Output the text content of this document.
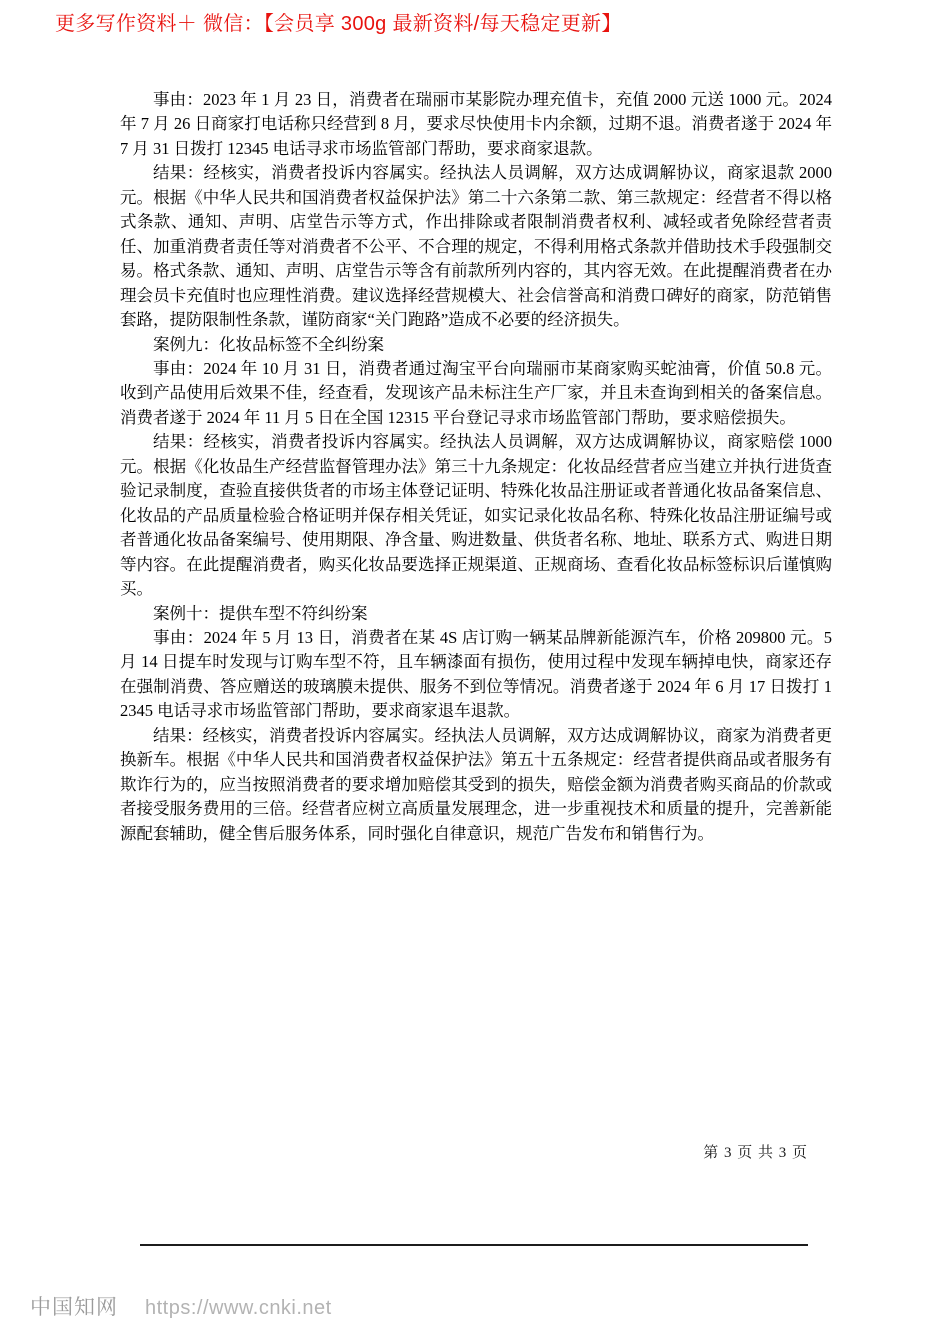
更多写作资料＋ 微信：【会员享 300g 最新资料/每天稳定更新】

事由：2023 年 1 月 23 日，消费者在瑞丽市某影院办理充值卡，充值 2000 元送 1000 元。2024 年 7 月 26 日商家打电话称只经营到 8 月，要求尽快使用卡内余额，过期不退。消费者遂于 2024 年 7 月 31 日拨打 12345 电话寻求市场监管部门帮助，要求商家退款。

结果：经核实，消费者投诉内容属实。经执法人员调解，双方达成调解协议，商家退款 2000 元。根据《中华人民共和国消费者权益保护法》第二十六条第二款、第三款规定：经营者不得以格式条款、通知、声明、店堂告示等方式，作出排除或者限制消费者权利、减轻或者免除经营者责任、加重消费者责任等对消费者不公平、不合理的规定，不得利用格式条款并借助技术手段强制交易。格式条款、通知、声明、店堂告示等含有前款所列内容的，其内容无效。在此提醒消费者在办理会员卡充值时也应理性消费。建议选择经营规模大、社会信誉高和消费口碑好的商家，防范销售套路，提防限制性条款，谨防商家“关门跑路”造成不必要的经济损失。

案例九：化妆品标签不全纠纷案

事由：2024 年 10 月 31 日，消费者通过淘宝平台向瑞丽市某商家购买蛇油膏，价值 50.8 元。收到产品使用后效果不佳，经查看，发现该产品未标注生产厂家，并且未查询到相关的备案信息。消费者遂于 2024 年 11 月 5 日在全国 12315 平台登记寻求市场监管部门帮助，要求赔偿损失。

结果：经核实，消费者投诉内容属实。经执法人员调解，双方达成调解协议，商家赔偿 1000 元。根据《化妆品生产经营监督管理办法》第三十九条规定：化妆品经营者应当建立并执行进货查验记录制度，查验直接供货者的市场主体登记证明、特殊化妆品注册证或者普通化妆品备案信息、化妆品的产品质量检验合格证明并保存相关凭证，如实记录化妆品名称、特殊化妆品注册证编号或者普通化妆品备案编号、使用期限、净含量、购进数量、供货者名称、地址、联系方式、购进日期等内容。在此提醒消费者，购买化妆品要选择正规渠道、正规商场、查看化妆品标签标识后谨慎购买。

案例十：提供车型不符纠纷案

事由：2024 年 5 月 13 日，消费者在某 4S 店订购一辆某品牌新能源汽车，价格 209800 元。5 月 14 日提车时发现与订购车型不符，且车辆漆面有损伤，使用过程中发现车辆掉电快，商家还存在强制消费、答应赠送的玻璃膜未提供、服务不到位等情况。消费者遂于 2024 年 6 月 17 日拨打 12345 电话寻求市场监管部门帮助，要求商家退车退款。

结果：经核实，消费者投诉内容属实。经执法人员调解，双方达成调解协议，商家为消费者更换新车。根据《中华人民共和国消费者权益保护法》第五十五条规定：经营者提供商品或者服务有欺诈行为的，应当按照消费者的要求增加赔偿其受到的损失，赔偿金额为消费者购买商品的价款或者接受服务费用的三倍。经营者应树立高质量发展理念，进一步重视技术和质量的提升，完善新能源配套辅助，健全售后服务体系，同时强化自律意识，规范广告发布和销售行为。

第 3 页 共 3 页
中国知网 https://www.cnki.net
